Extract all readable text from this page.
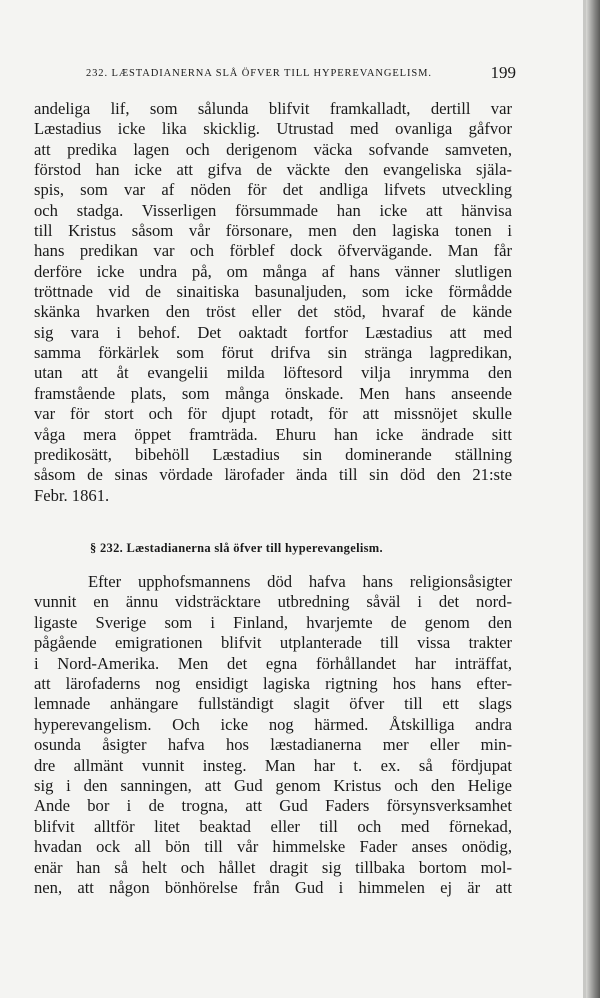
232. LÆSTADIANERNA SLÅ ÖFVER TILL HYPEREVANGELISM.	199
andeliga lif, som sålunda blifvit framkalladt, dertill var
Læstadius icke lika skicklig. Utrustad med ovanliga gåfvor
att predika lagen och derigenom väcka sofvande samveten,
förstod han icke att gifva de väckte den evangeliska själa-
spis, som var af nöden för det andliga lifvets utveckling
och stadga. Visserligen försummade han icke att hänvisa
till Kristus såsom vår försonare, men den lagiska tonen i
hans predikan var och förblef dock öfvervägande. Man får
derföre icke undra på, om många af hans vänner slutligen
tröttnade vid de sinaitiska basunaljuden, som icke förmådde
skänka hvarken den tröst eller det stöd, hvaraf de kände
sig vara i behof. Det oaktadt fortfor Læstadius att med
samma förkärlek som förut drifva sin stränga lagpredikan,
utan att åt evangelii milda löftesord vilja inrymma den
framstående plats, som många önskade. Men hans anseende
var för stort och för djupt rotadt, för att missnöjet skulle
våga mera öppet framträda. Ehuru han icke ändrade sitt
predikosätt, bibehöll Læstadius sin dominerande ställning
såsom de sinas vördade lärofader ända till sin död den 21:ste
Febr. 1861.
§ 232. Læstadianerna slå öfver till hyperevangelism.
Efter upphofsmannens död hafva hans religionsåsigter
vunnit en ännu vidsträcktare utbredning såväl i det nord-
ligaste Sverige som i Finland, hvarjemte de genom den
pågående emigrationen blifvit utplanterade till vissa trakter
i Nord-Amerika. Men det egna förhållandet har inträffat,
att lärofaderns nog ensidigt lagiska rigtning hos hans efter-
lemnade anhängare fullständigt slagit öfver till ett slags
hyperevangelism. Och icke nog härmed. Åtskilliga andra
osunda åsigter hafva hos læstadianerna mer eller min-
dre allmänt vunnit insteg. Man har t. ex. så fördjupat
sig i den sanningen, att Gud genom Kristus och den Helige
Ande bor i de trogna, att Gud Faders försynsverksamhet
blifvit alltför litet beaktad eller till och med förnekad,
hvadan ock all bön till vår himmelske Fader anses onödig,
enär han så helt och hållet dragit sig tillbaka bortom mol-
nen, att någon bönhörelse från Gud i himmelen ej är att
